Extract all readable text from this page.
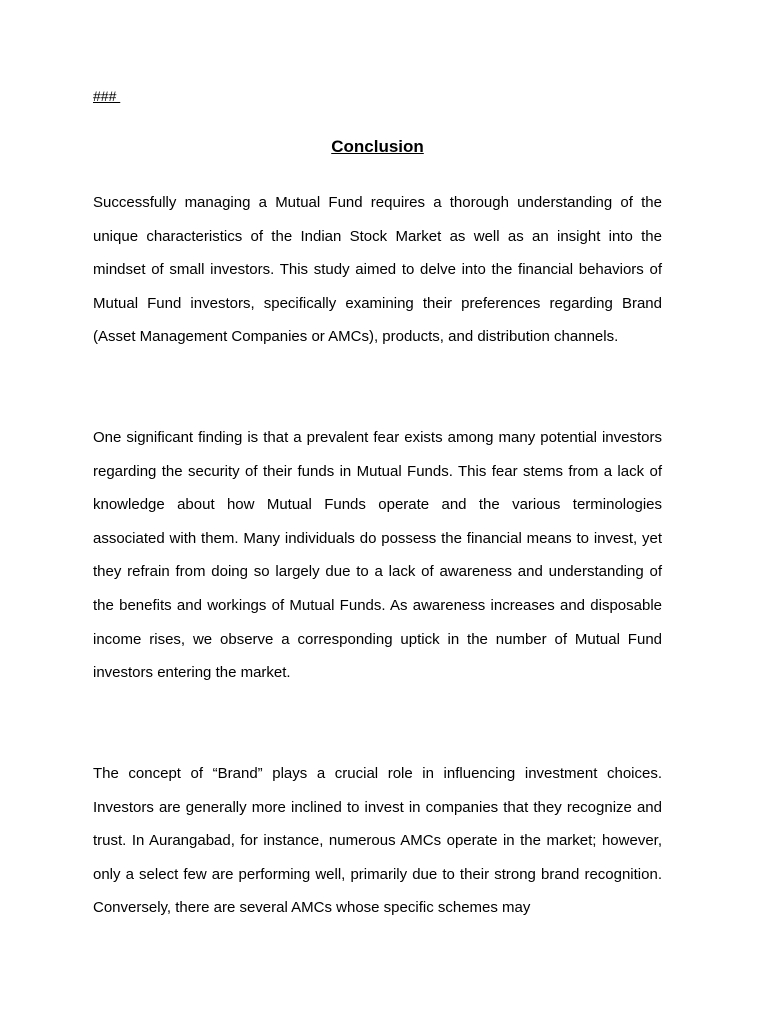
###
Conclusion

Successfully managing a Mutual Fund requires a thorough understanding of the unique characteristics of the Indian Stock Market as well as an insight into the mindset of small investors. This study aimed to delve into the financial behaviors of Mutual Fund investors, specifically examining their preferences regarding Brand (Asset Management Companies or AMCs), products, and distribution channels.

One significant finding is that a prevalent fear exists among many potential investors regarding the security of their funds in Mutual Funds. This fear stems from a lack of knowledge about how Mutual Funds operate and the various terminologies associated with them. Many individuals do possess the financial means to invest, yet they refrain from doing so largely due to a lack of awareness and understanding of the benefits and workings of Mutual Funds. As awareness increases and disposable income rises, we observe a corresponding uptick in the number of Mutual Fund investors entering the market.

The concept of “Brand” plays a crucial role in influencing investment choices. Investors are generally more inclined to invest in companies that they recognize and trust. In Aurangabad, for instance, numerous AMCs operate in the market; however, only a select few are performing well, primarily due to their strong brand recognition. Conversely, there are several AMCs whose specific schemes may
